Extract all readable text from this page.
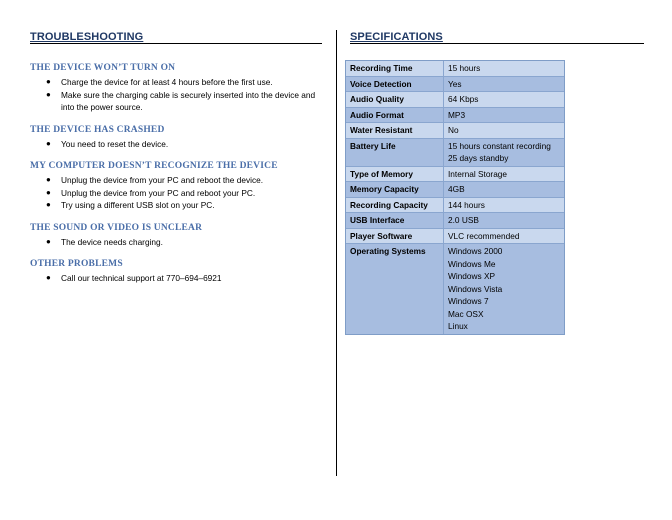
TROUBLESHOOTING
THE DEVICE WON’T TURN ON
● Charge the device for at least 4 hours before the first use.
● Make sure the charging cable is securely inserted into the device and into the power source.
THE DEVICE HAS CRASHED
● You need to reset the device.
MY COMPUTER DOESN’T RECOGNIZE THE DEVICE
● Unplug the device from your PC and reboot the device.
● Unplug the device from your PC and reboot your PC.
● Try using a different USB slot on your PC.
THE SOUND OR VIDEO IS UNCLEAR
● The device needs charging.
OTHER PROBLEMS
● Call our technical support at 770–694–6921
SPECIFICATIONS
Recording Time	15 hours
Voice Detection	Yes
Audio Quality	64 Kbps
Audio Format	MP3
Water Resistant	No
Battery Life	15 hours constant recording
25 days standby
Type of Memory	Internal Storage
Memory Capacity	4GB
Recording Capacity	144 hours
USB Interface	2.0 USB
Player Software	VLC recommended
Operating Systems	Windows 2000
Windows Me
Windows XP
Windows Vista
Windows 7
Mac OSX
Linux
